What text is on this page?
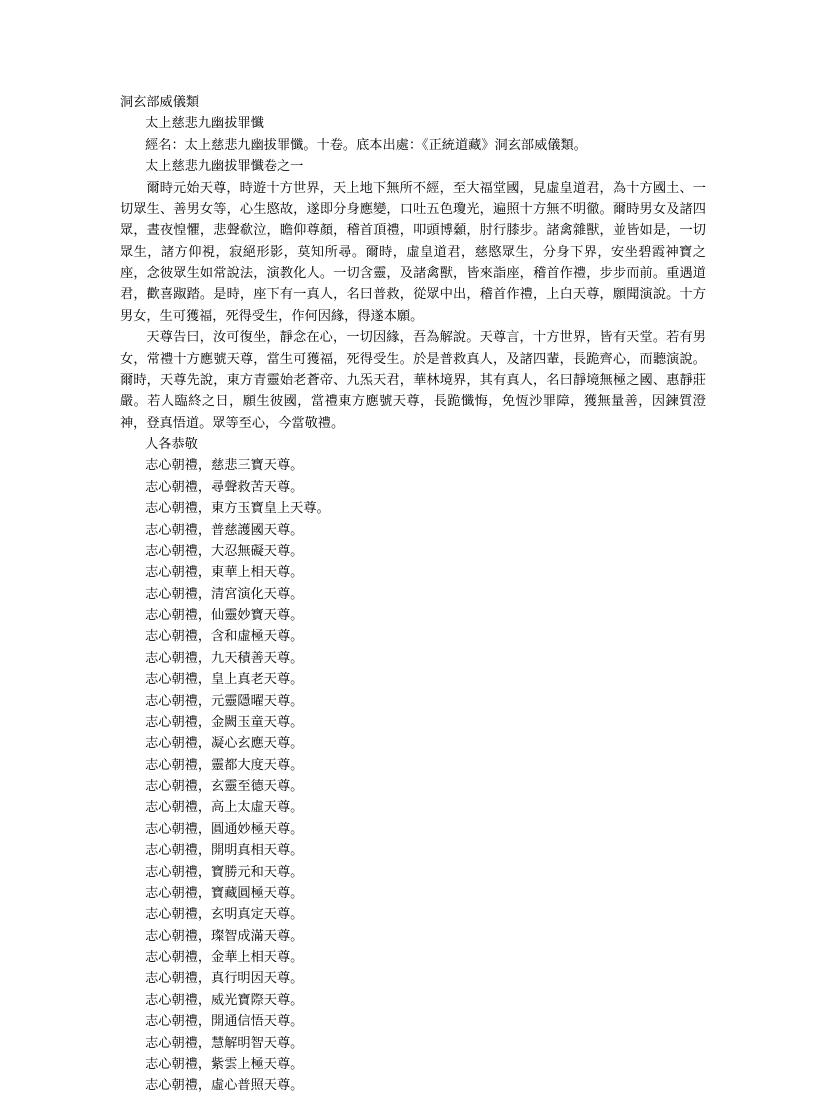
洞玄部威儀類

太上慈悲九幽拔罪懺

經名：太上慈悲九幽拔罪懺。十卷。底本出處：《正統道藏》洞玄部威儀類。

太上慈悲九幽拔罪懺卷之一

爾時元始天尊，時遊十方世界，天上地下無所不經，至大福堂國，見虛皇道君，為十方國土、一切眾生、善男女等，心生愍故，遂即分身應變，口吐五色瓊光，遍照十方無不明徹。爾時男女及諸四眾，晝夜惶懼，悲聲欷泣，瞻仰尊顏，稽首頂禮，叩頭博顙，肘行膝步。諸禽雜獸，並皆如是，一切眾生，諸方仰視，寂絕形影，莫知所尋。爾時，虛皇道君，慈愍眾生，分身下界，安坐碧霞神寶之座，念彼眾生如常說法，演教化人。一切含靈，及諸禽獸，皆來詣座，稽首作禮，步步而前。重遇道君，歡喜踧踏。是時，座下有一真人，名曰普救，從眾中出，稽首作禮，上白天尊，願聞演說。十方男女，生可獲福，死得受生，作何因緣，得遂本願。

天尊告曰，汝可復坐，靜念在心，一切因緣，吾為解說。天尊言，十方世界，皆有天堂。若有男女，常禮十方應號天尊，當生可獲福，死得受生。於是普救真人，及諸四輩，長跪齊心，而聽演說。爾時，天尊先說，東方青靈始老蒼帝、九炁天君，華林境界，其有真人，名曰靜境無極之國、惠靜莊嚴。若人臨終之日，願生彼國，當禮東方應號天尊，長跪懺悔，免恆沙罪障，獲無量善，因鍊質澄神，登真悟道。眾等至心，今當敬禮。

人各恭敬

志心朝禮，慈悲三寶天尊。
志心朝禮，尋聲救苦天尊。
志心朝禮，東方玉寶皇上天尊。
志心朝禮，普慈護國天尊。
志心朝禮，大忍無礙天尊。
志心朝禮，東華上相天尊。
志心朝禮，清宮演化天尊。
志心朝禮，仙靈妙寶天尊。
志心朝禮，含和虛極天尊。
志心朝禮，九天積善天尊。
志心朝禮，皇上真老天尊。
志心朝禮，元靈隱曜天尊。
志心朝禮，金闕玉童天尊。
志心朝禮，凝心玄應天尊。
志心朝禮，靈都大度天尊。
志心朝禮，玄靈至德天尊。
志心朝禮，高上太虛天尊。
志心朝禮，圓通妙極天尊。
志心朝禮，開明真相天尊。
志心朝禮，寶勝元和天尊。
志心朝禮，寶藏圓極天尊。
志心朝禮，玄明真定天尊。
志心朝禮，璨智成滿天尊。
志心朝禮，金華上相天尊。
志心朝禮，真行明因天尊。
志心朝禮，威光寶際天尊。
志心朝禮，開通信悟天尊。
志心朝禮，慧解明智天尊。
志心朝禮，紫雲上極天尊。
志心朝禮，虛心普照天尊。
